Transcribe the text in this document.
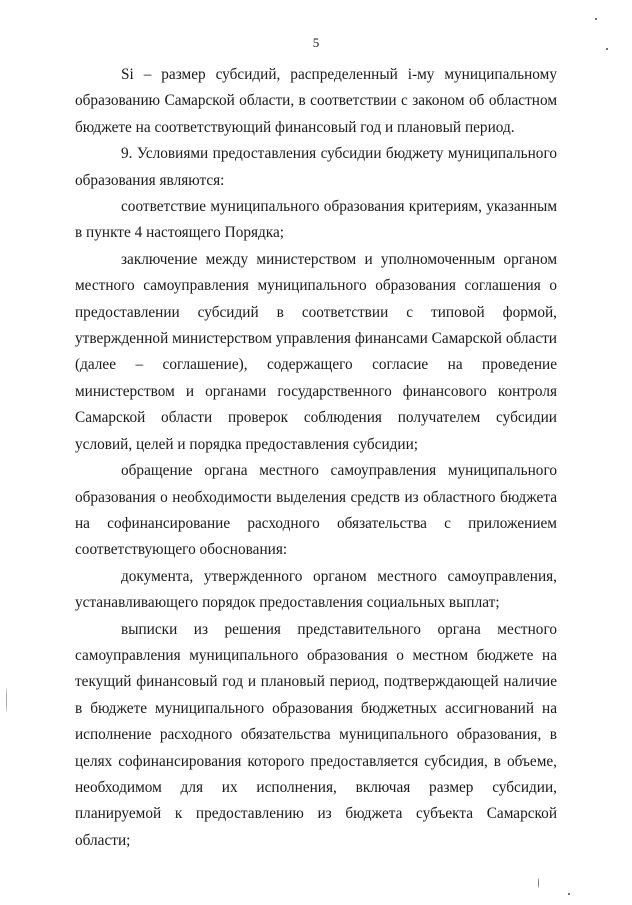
5

Si – размер субсидий, распределенный i-му муниципальному образованию Самарской области, в соответствии с законом об областном бюджете на соответствующий финансовый год и плановый период.

9. Условиями предоставления субсидии бюджету муниципального образования являются:

соответствие муниципального образования критериям, указанным в пункте 4 настоящего Порядка;

заключение между министерством и уполномоченным органом местного самоуправления муниципального образования соглашения о предоставлении субсидий в соответствии с типовой формой, утвержденной министерством управления финансами Самарской области (далее – соглашение), содержащего согласие на проведение министерством и органами государственного финансового контроля Самарской области проверок соблюдения получателем субсидии условий, целей и порядка предоставления субсидии;

обращение органа местного самоуправления муниципального образования о необходимости выделения средств из областного бюджета на софинансирование расходного обязательства с приложением соответствующего обоснования:

документа, утвержденного органом местного самоуправления, устанавливающего порядок предоставления социальных выплат;

выписки из решения представительного органа местного самоуправления муниципального образования о местном бюджете на текущий финансовый год и плановый период, подтверждающей наличие в бюджете муниципального образования бюджетных ассигнований на исполнение расходного обязательства муниципального образования, в целях софинансирования которого предоставляется субсидия, в объеме, необходимом для их исполнения, включая размер субсидии, планируемой к предоставлению из бюджета субъекта Самарской области;
